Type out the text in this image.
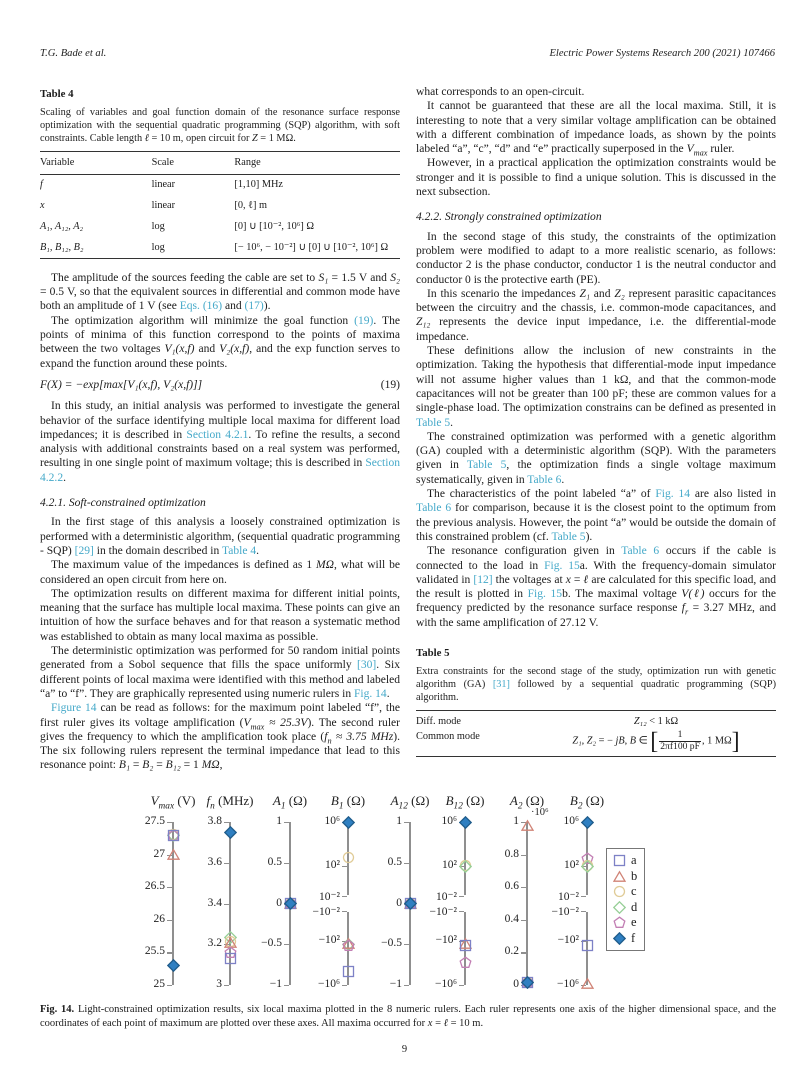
T.G. Bade et al.	Electric Power Systems Research 200 (2021) 107466
Table 4
Scaling of variables and goal function domain of the resonance surface response optimization with the sequential quadratic programming (SQP) algorithm, with soft constraints. Cable length ℓ = 10 m, open circuit for Z = 1 MΩ.
Variable	Scale	Range
f	linear	[1,10] MHz
x	linear	[0, ℓ] m
A₁, A₁₂, A₂	log	[0] ∪ [10⁻², 10⁶] Ω
B₁, B₁₂, B₂	log	[− 10⁶, − 10⁻²] ∪ [0] ∪ [10⁻², 10⁶] Ω

The amplitude of the sources feeding the cable are set to S₁ = 1.5 V and S₂ = 0.5 V, so that the equivalent sources in differential and common mode have both an amplitude of 1 V (see Eqs. (16) and (17)).

The optimization algorithm will minimize the goal function (19). The points of minima of this function correspond to the points of maxima between the two voltages V₁(x,f) and V₂(x,f), and the exp function serves to expand the function around these points.

F(X) = −exp[max[V₁(x,f), V₂(x,f)]]	(19)

In this study, an initial analysis was performed to investigate the general behavior of the surface identifying multiple local maxima for different load impedances; it is described in Section 4.2.1. To refine the results, a second analysis with additional constraints based on a real system was performed, resulting in one single point of maximum voltage; this is described in Section 4.2.2.

4.2.1. Soft-constrained optimization

In the first stage of this analysis a loosely constrained optimization is performed with a deterministic algorithm, (sequential quadratic programming - SQP) [29] in the domain described in Table 4.

The maximum value of the impedances is defined as 1 MΩ, what will be considered an open circuit from here on.

The optimization results on different maxima for different initial points, meaning that the surface has multiple local maxima. These points can give an intuition of how the surface behaves and for that reason a systematic method was established to obtain as many local maxima as possible.

The deterministic optimization was performed for 50 random initial points generated from a Sobol sequence that fills the space uniformly [30]. Six different points of local maxima were identified with this method and labeled “a” to “f”. They are graphically represented using numeric rulers in Fig. 14.

Figure 14 can be read as follows: for the maximum point labeled “f”, the first ruler gives its voltage amplification $(V_{max} \approx 25.3V)$. The second ruler gives the frequency to which the amplification took place ($f_n \approx 3.75$ MHz). The six following rulers represent the terminal impedance that lead to this resonance point: B₁ = B₂ = B₁₂ = 1 MΩ,

what corresponds to an open-circuit.

It cannot be guaranteed that these are all the local maxima. Still, it is interesting to note that a very similar voltage amplification can be obtained with a different combination of impedance loads, as shown by the points labeled “a”, “c”, “d” and “e” practically superposed in the $V_{max}$ ruler.

However, in a practical application the optimization constraints would be stronger and it is possible to find a unique solution. This is discussed in the next subsection.

4.2.2. Strongly constrained optimization

In the second stage of this study, the constraints of the optimization problem were modified to adapt to a more realistic scenario, as follows: conductor 2 is the phase conductor, conductor 1 is the neutral conductor and conductor 0 is the protective earth (PE).

In this scenario the impedances Z₁ and Z₂ represent parasitic capacitances between the circuitry and the chassis, i.e. common-mode capacitances, and Z₁₂ represents the device input impedance, i.e. the differential-mode impedance.

These definitions allow the inclusion of new constraints in the optimization. Taking the hypothesis that differential-mode input impedance will not assume higher values than 1 kΩ, and that the common-mode capacitances will not be greater than 100 pF; these are common values for a single-phase load. The optimization constrains can be defined as presented in Table 5.

The constrained optimization was performed with a genetic algorithm (GA) coupled with a deterministic algorithm (SQP). With the parameters given in Table 5, the optimization finds a single voltage maximum systematically, given in Table 6.

The characteristics of the point labeled “a” of Fig. 14 are also listed in Table 6 for comparison, because it is the closest point to the optimum from the previous analysis. However, the point “a” would be outside the domain of this constrained problem (cf. Table 5).

The resonance configuration given in Table 6 occurs if the cable is connected to the load in Fig. 15a. With the frequency-domain simulator validated in [12] the voltages at x = ℓ are calculated for this specific load, and the result is plotted in Fig. 15b. The maximal voltage V(ℓ) occurs for the frequency predicted by the resonance surface response $f_r = 3.27$ MHz, and with the same amplification of 27.12 V.

Table 5
Extra constraints for the second stage of the study, optimization run with genetic algorithm (GA) [31] followed by a sequential quadratic programming (SQP) algorithm.
Diff. mode	Z₁₂ < 1 kΩ
Common mode	Z₁, Z₂ = − jB, B ∈ [ $\frac{1}{2\pi f100 pF}$ , 1 MΩ]
$V_{max}$ (V)
27.5
27
26.5
26
25.5
25
$f_n$ (MHz)
3.8
3.6
3.4
3.2
3
$A_1$ (Ω)
1
0.5
0
−0.5
−1
$B_1$ (Ω)
10⁶
10²
10⁻²
−10⁻²
−10²
−10⁶
$A_{12}$ (Ω)
1
0.5
0
−0.5
−1
$B_{12}$ (Ω)
10⁶
10²
10⁻²
−10⁻²
−10²
−10⁶
$A_2$ (Ω)
·10⁶
1
0.8
0.6
0.4
0.2
0
$B_2$ (Ω)
10⁶
10²
10⁻²
−10⁻²
−10²
−10⁶
a
b
c
d
e
f
Fig. 14. Light-constrained optimization results, six local maxima plotted in the 8 numeric rulers. Each ruler represents one axis of the higher dimensional space, and the coordinates of each point of maximum are plotted over these axes. All maxima occurred for x = ℓ = 10 m.
9
